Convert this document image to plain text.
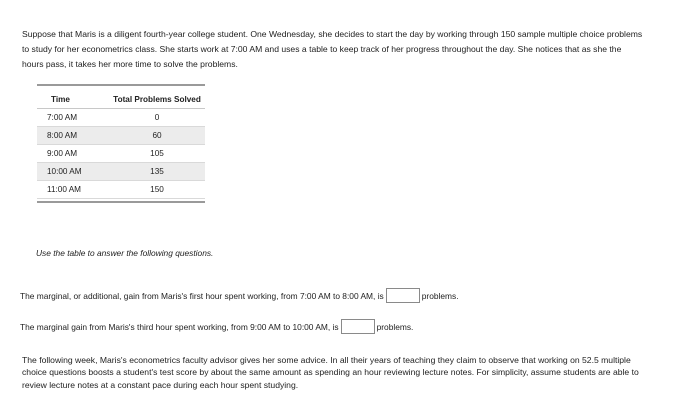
Suppose that Maris is a diligent fourth-year college student. One Wednesday, she decides to start the day by working through 150 sample multiple choice problems to study for her econometrics class. She starts work at 7:00 AM and uses a table to keep track of her progress throughout the day. She notices that as she the hours pass, it takes her more time to solve the problems.

Time	Total Problems Solved
7:00 AM	0
8:00 AM	60
9:00 AM	105
10:00 AM	135
11:00 AM	150
Use the table to answer the following questions.
The marginal, or additional, gain from Maris's first hour spent working, from 7:00 AM to 8:00 AM, is	problems.
The marginal gain from Maris's third hour spent working, from 9:00 AM to 10:00 AM, is	problems.

The following week, Maris's econometrics faculty advisor gives her some advice. In all their years of teaching they claim to observe that working on 52.5 multiple choice questions boosts a student's test score by about the same amount as spending an hour reviewing lecture notes. For simplicity, assume students are able to review lecture notes at a constant pace during each hour spent studying.
